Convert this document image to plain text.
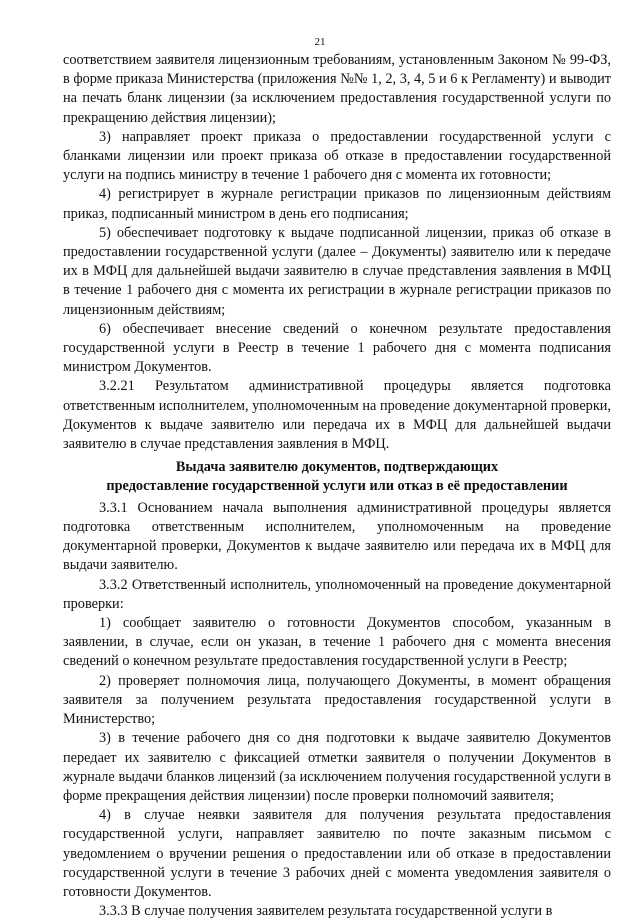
21

соответствием заявителя лицензионным требованиям, установленным Законом № 99-ФЗ, в форме приказа Министерства (приложения №№ 1, 2, 3, 4, 5 и 6 к Регламенту) и выводит на печать бланк лицензии (за исключением предоставления государственной услуги по прекращению действия лицензии);

3) направляет проект приказа о предоставлении государственной услуги с бланками лицензии или проект приказа об отказе в предоставлении государственной услуги на подпись министру в течение 1 рабочего дня с момента их готовности;

4) регистрирует в журнале регистрации приказов по лицензионным действиям приказ, подписанный министром в день его подписания;

5) обеспечивает подготовку к выдаче подписанной лицензии, приказ об отказе в предоставлении государственной услуги (далее – Документы) заявителю или к передаче их в МФЦ для дальнейшей выдачи заявителю в случае представления заявления в МФЦ в течение 1 рабочего дня с момента их регистрации в журнале регистрации приказов по лицензионным действиям;

6) обеспечивает внесение сведений о конечном результате предоставления государственной услуги в Реестр в течение 1 рабочего дня с момента подписания министром Документов.

3.2.21 Результатом административной процедуры является подготовка ответственным исполнителем, уполномоченным на проведение документарной проверки, Документов к выдаче заявителю или передача их в МФЦ для дальнейшей выдачи заявителю в случае представления заявления в МФЦ.

Выдача заявителю документов, подтверждающих
предоставление государственной услуги или отказ в её предоставлении

3.3.1 Основанием начала выполнения административной процедуры является подготовка ответственным исполнителем, уполномоченным на проведение документарной проверки, Документов к выдаче заявителю или передача их в МФЦ для выдачи заявителю.

3.3.2 Ответственный исполнитель, уполномоченный на проведение документарной проверки:

1) сообщает заявителю о готовности Документов способом, указанным в заявлении, в случае, если он указан, в течение 1 рабочего дня с момента внесения сведений о конечном результате предоставления государственной услуги в Реестр;

2) проверяет полномочия лица, получающего Документы, в момент обращения заявителя за получением результата предоставления государственной услуги в Министерство;

3) в течение рабочего дня со дня подготовки к выдаче заявителю Документов передает их заявителю с фиксацией отметки заявителя о получении Документов в журнале выдачи бланков лицензий (за исключением получения государственной услуги в форме прекращения действия лицензии) после проверки полномочий заявителя;

4) в случае неявки заявителя для получения результата предоставления государственной услуги, направляет заявителю по почте заказным письмом с уведомлением о вручении решения о предоставлении или об отказе в предоставлении государственной услуги в течение 3 рабочих дней с момента уведомления заявителя о готовности Документов.

3.3.3 В случае получения заявителем результата государственной услуги в
